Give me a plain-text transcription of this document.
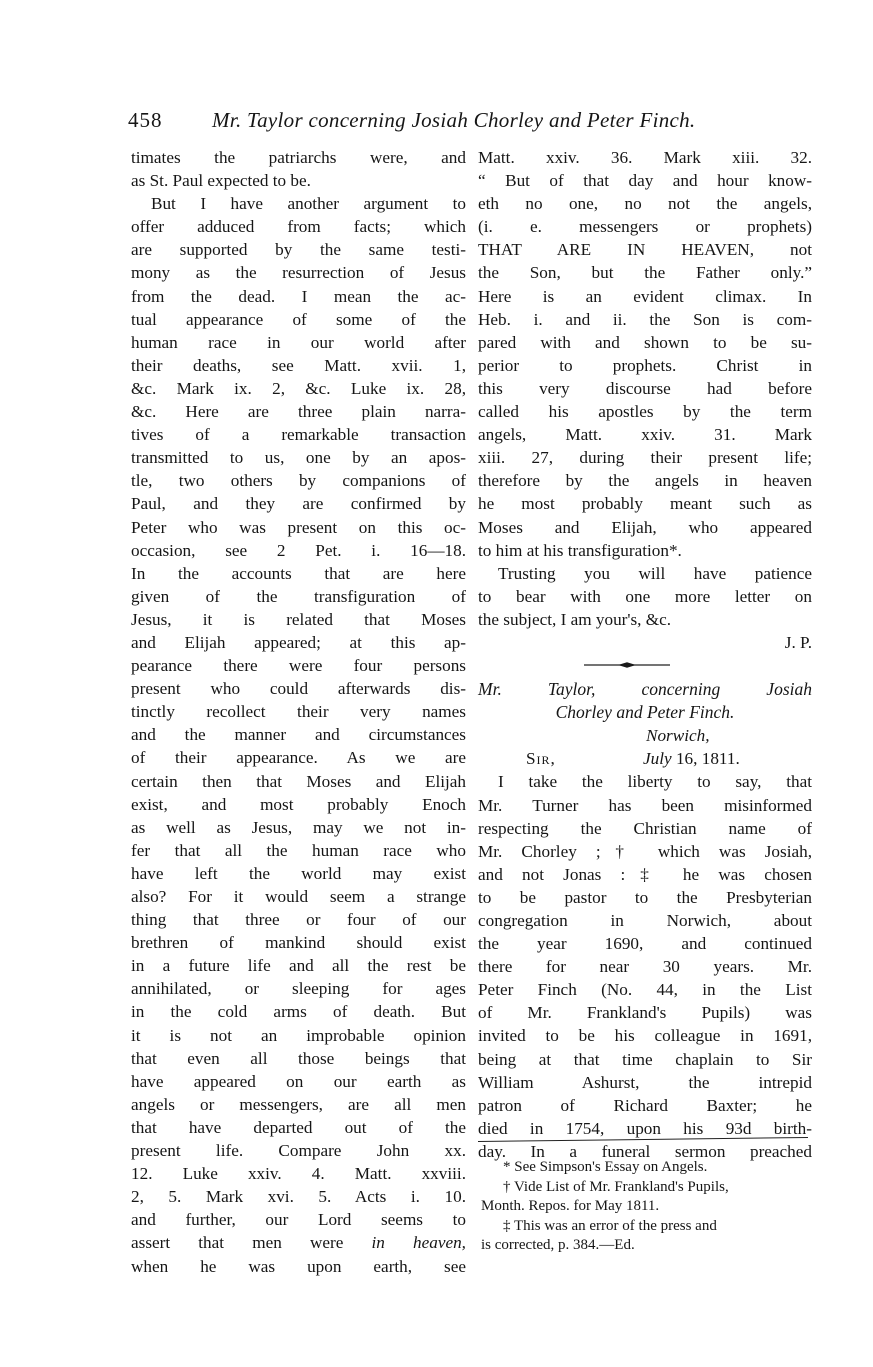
458 Mr. Taylor concerning Josiah Chorley and Peter Finch.
timates the patriarchs were, and
as St. Paul expected to be.
But I have another argument to
offer adduced from facts; which
are supported by the same testi-
mony as the resurrection of Jesus
from the dead. I mean the ac-
tual appearance of some of the
human race in our world after
their deaths, see Matt. xvii. 1,
&c. Mark ix. 2, &c. Luke ix. 28,
&c. Here are three plain narra-
tives of a remarkable transaction
transmitted to us, one by an apos-
tle, two others by companions of
Paul, and they are confirmed by
Peter who was present on this oc-
occasion, see 2 Pet. i. 16—18.
In the accounts that are here
given of the transfiguration of
Jesus, it is related that Moses
and Elijah appeared; at this ap-
pearance there were four persons
present who could afterwards dis-
tinctly recollect their very names
and the manner and circumstances
of their appearance. As we are
certain then that Moses and Elijah
exist, and most probably Enoch
as well as Jesus, may we not in-
fer that all the human race who
have left the world may exist
also? For it would seem a strange
thing that three or four of our
brethren of mankind should exist
in a future life and all the rest be
annihilated, or sleeping for ages
in the cold arms of death. But
it is not an improbable opinion
that even all those beings that
have appeared on our earth as
angels or messengers, are all men
that have departed out of the
present life. Compare John xx.
12. Luke xxiv. 4. Matt. xxviii.
2, 5. Mark xvi. 5. Acts i. 10.
and further, our Lord seems to
assert that men were in heaven,
when he was upon earth, see
Matt. xxiv. 36. Mark xiii. 32.
“ But of that day and hour know-
eth no one, no not the angels,
(i. e. messengers or prophets)
THAT ARE IN HEAVEN, not
the Son, but the Father only.”
Here is an evident climax. In
Heb. i. and ii. the Son is com-
pared with and shown to be su-
perior to prophets. Christ in
this very discourse had before
called his apostles by the term
angels, Matt. xxiv. 31. Mark
xiii. 27, during their present life;
therefore by the angels in heaven
he most probably meant such as
Moses and Elijah, who appeared
to him at his transfiguration*.
Trusting you will have patience
to bear with one more letter on
the subject, I am your's, &c.
J. P.
Mr. Taylor, concerning Josiah
Chorley and Peter Finch.
Norwich,
Sir,	July 16, 1811.
I take the liberty to say, that
Mr. Turner has been misinformed
respecting the Christian name of
Mr. Chorley ;† which was Josiah,
and not Jonas :‡ he was chosen
to be pastor to the Presbyterian
congregation in Norwich, about
the year 1690, and continued
there for near 30 years. Mr.
Peter Finch (No. 44, in the List
of Mr. Frankland's Pupils) was
invited to be his colleague in 1691,
being at that time chaplain to Sir
William Ashurst, the intrepid
patron of Richard Baxter; he
died in 1754, upon his 93d birth-
day. In a funeral sermon preached
* See Simpson's Essay on Angels.
† Vide List of Mr. Frankland's Pupils,
Month. Repos. for May 1811.
‡ This was an error of the press and
is corrected, p. 384.—Ed.
